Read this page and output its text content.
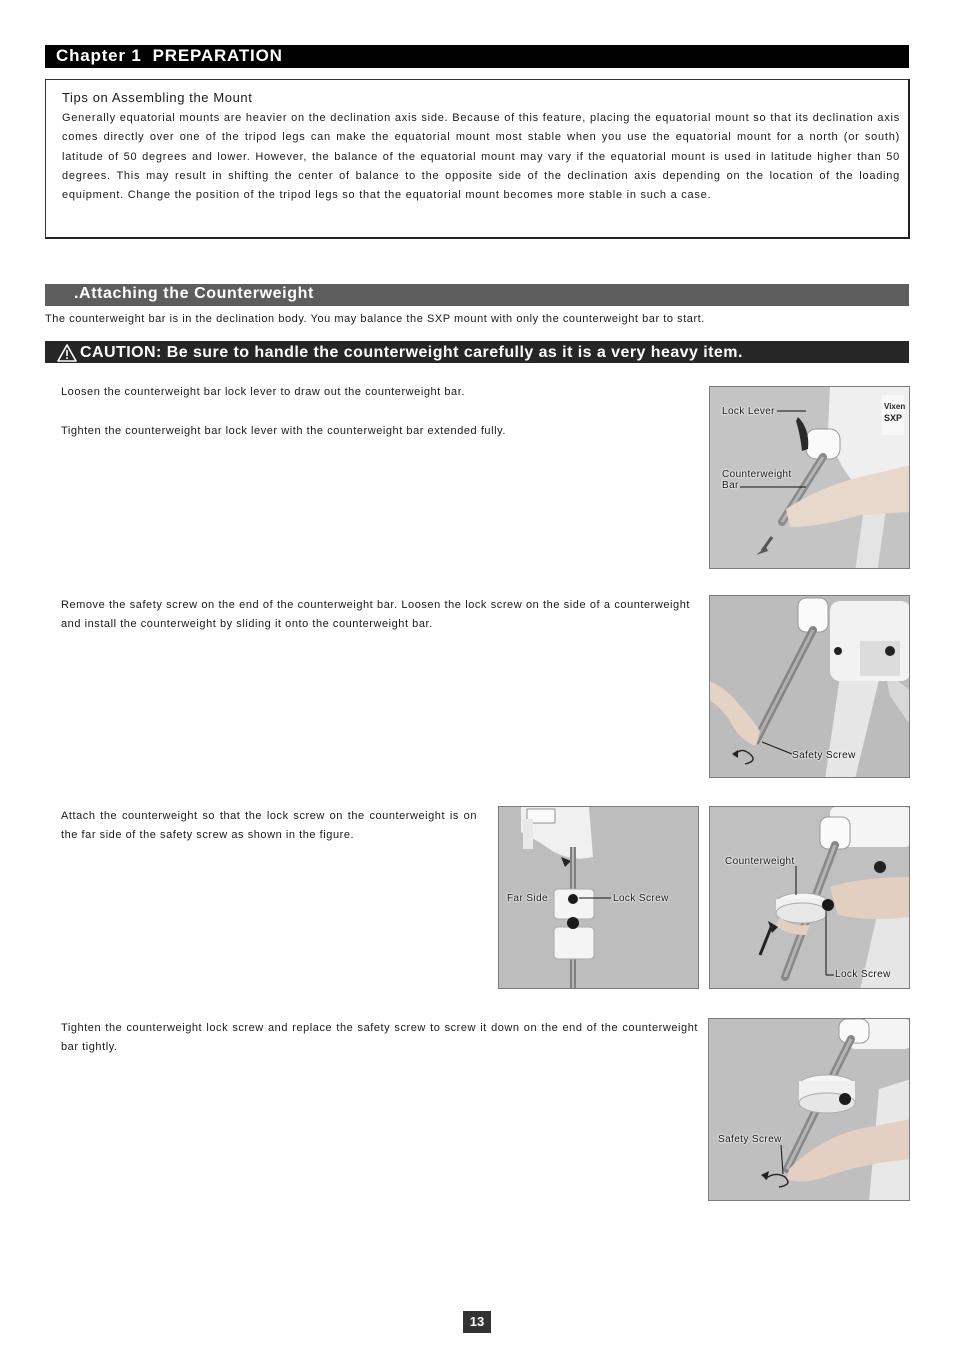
Chapter 1  PREPARATION
Tips on Assembling the Mount
Generally equatorial mounts are heavier on the declination axis side. Because of this feature, placing the equatorial mount so that its declination axis comes directly over one of the tripod legs can make the equatorial mount most stable when you use the equatorial mount for a north (or south) latitude of 50 degrees and lower. However, the balance of the equatorial mount may vary if the equatorial mount is used in latitude higher than 50 degrees. This may result in shifting the center of balance to the opposite side of the declination axis depending on the location of the loading equipment. Change the position of the tripod legs so that the equatorial mount becomes more stable in such a case.
.Attaching the Counterweight
The counterweight bar is in the declination body. You may balance the SXP mount with only the counterweight bar to start.
CAUTION: Be sure to handle the counterweight carefully as it is a very heavy item.
Loosen the counterweight bar lock lever to draw out the counterweight bar.
Tighten the counterweight bar lock lever with the counterweight bar extended fully.
Vixen
SXP
Lock Lever
Counterweight
Bar
Remove the safety screw on the end of the counterweight bar. Loosen the lock screw on the side of a counterweight and install the counterweight by sliding it onto the counterweight bar.
Safety Screw
Attach the counterweight so that the lock screw on the counterweight is on the far side of the safety screw as shown in the figure.
Far Side	Lock Screw
Counterweight
Lock Screw
Tighten the counterweight lock screw and replace the safety screw to screw it down on the end of the counterweight bar tightly.
Safety Screw
13
